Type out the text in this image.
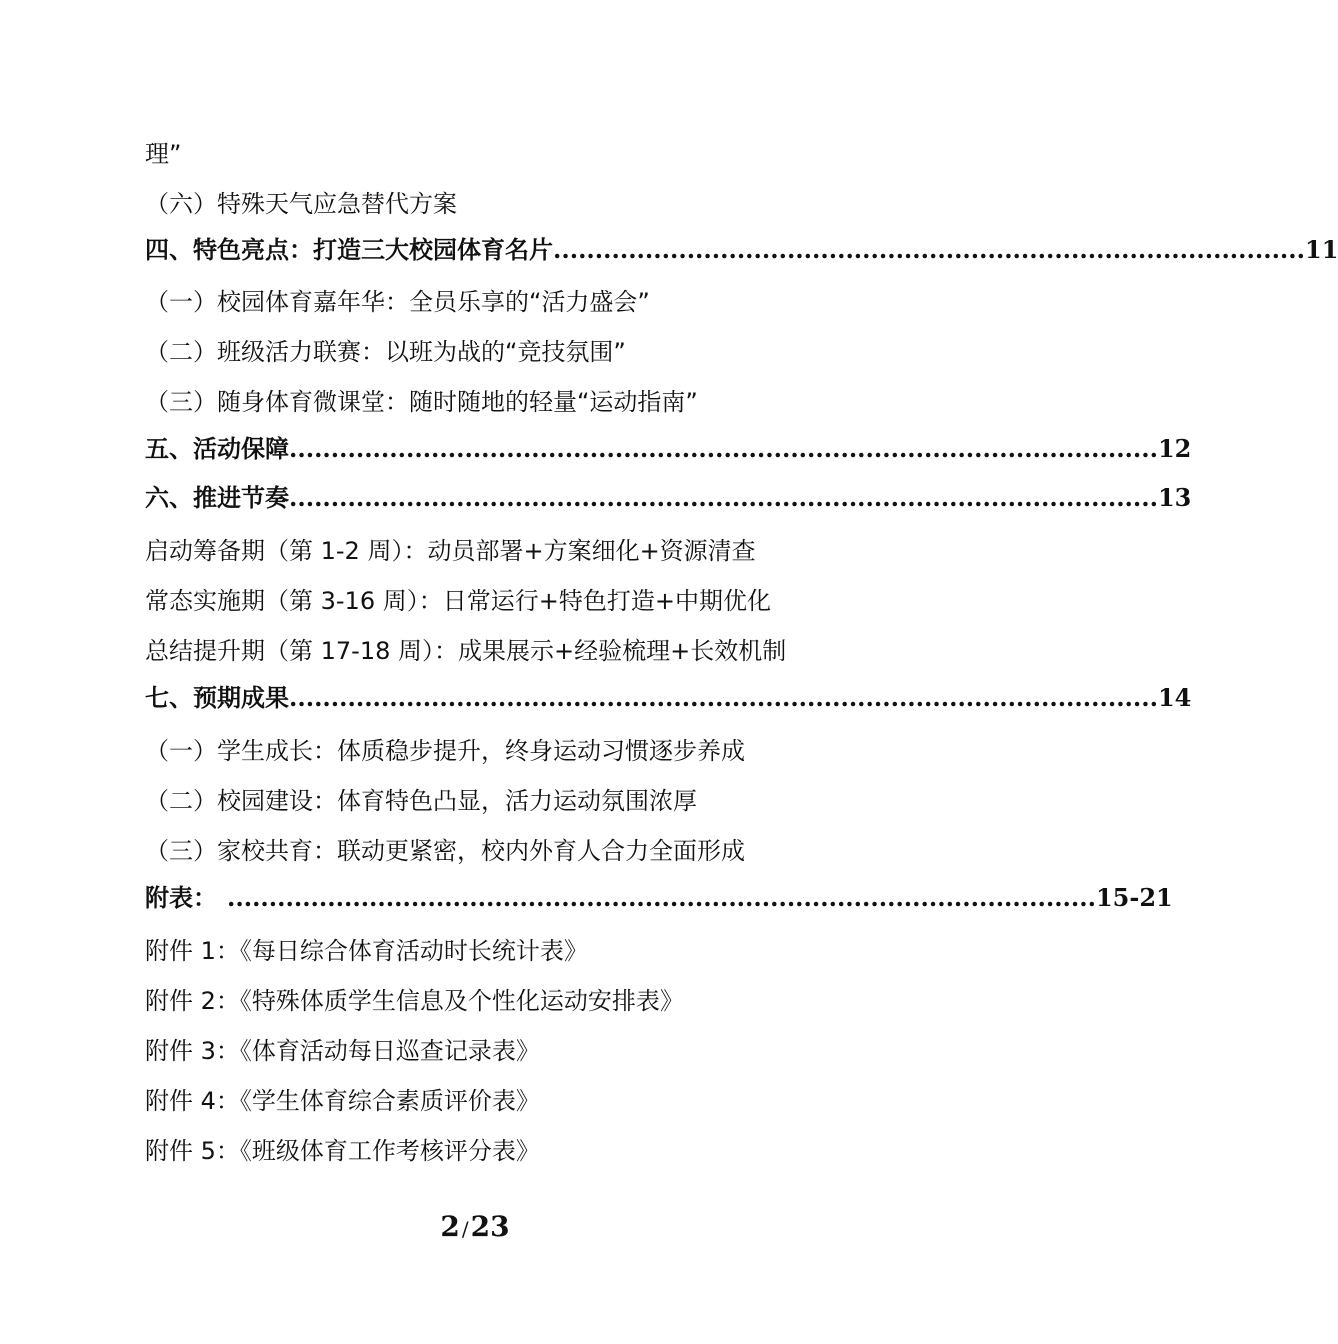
理”
（六）特殊天气应急替代方案
四、特色亮点：打造三大校园体育名片 .......................................................................................... 11
（一）校园体育嘉年华：全员乐享的“活力盛会”
（二）班级活力联赛：以班为战的“竞技氛围”
（三）随身体育微课堂：随时随地的轻量“运动指南”
五、活动保障 ........................................................................................................ 12
六、推进节奏 ........................................................................................................ 13
启动筹备期（第 1-2 周）：动员部署+方案细化+资源清查
常态实施期（第 3-16 周）：日常运行+特色打造+中期优化
总结提升期（第 17-18 周）：成果展示+经验梳理+长效机制
七、预期成果 ........................................................................................................ 14
（一）学生成长：体质稳步提升，终身运动习惯逐步养成
（二）校园建设：体育特色凸显，活力运动氛围浓厚
（三）家校共育：联动更紧密，校内外育人合力全面形成
附表： ........................................................................................................ 15-21
附件 1：《每日综合体育活动时长统计表》
附件 2：《特殊体质学生信息及个性化运动安排表》
附件 3：《体育活动每日巡查记录表》
附件 4：《学生体育综合素质评价表》
附件 5：《班级体育工作考核评分表》
2 /23
